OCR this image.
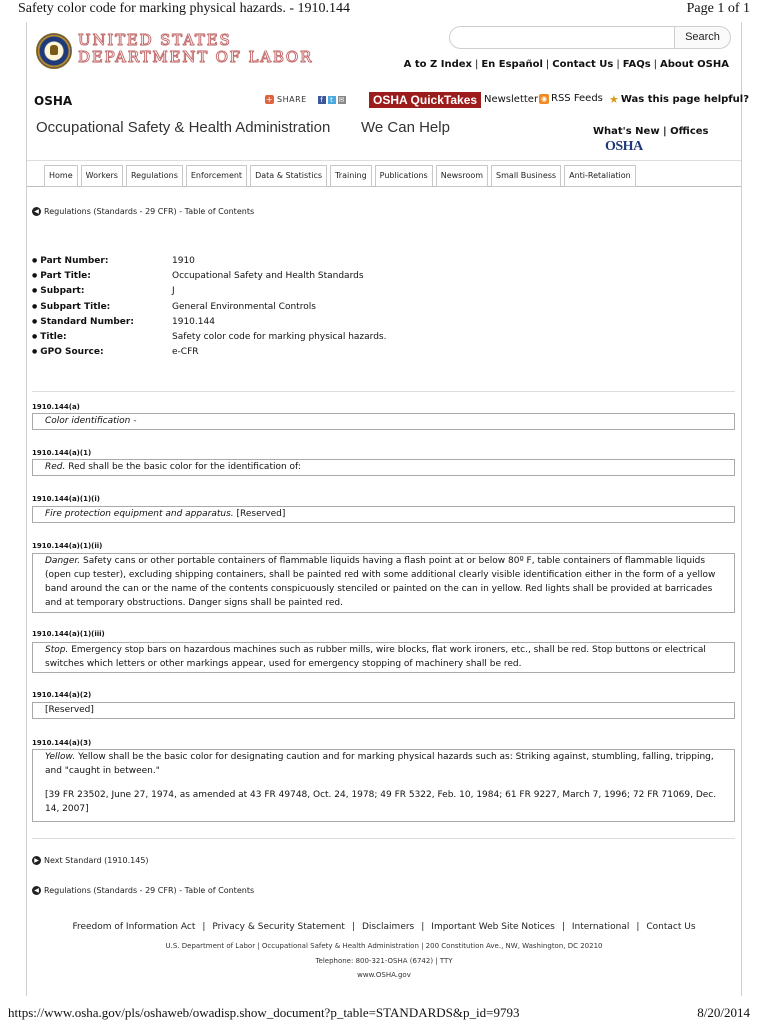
Safety color code for marking physical hazards. - 1910.144	Page 1 of 1
UNITED STATES
DEPARTMENT OF LABOR
Search
A to Z Index | En Español | Contact Us | FAQs | About OSHA
OSHA	+ SHARE	f t ✉	OSHA QuickTakes Newsletter ◉ RSS Feeds ★ Was this page helpful?
Occupational Safety & Health Administration We Can Help	What's New | Offices
OSHA
Home	Workers	Regulations	Enforcement	Data & Statistics	Training	Publications	Newsroom	Small Business	Anti-Retaliation
◀ Regulations (Standards - 29 CFR) - Table of Contents
● Part Number:	1910
● Part Title:	Occupational Safety and Health Standards
● Subpart:	J
● Subpart Title:	General Environmental Controls
● Standard Number:	1910.144
● Title:	Safety color code for marking physical hazards.
● GPO Source:	e-CFR
1910.144(a)
Color identification -
1910.144(a)(1)
Red. Red shall be the basic color for the identification of:
1910.144(a)(1)(i)
Fire protection equipment and apparatus. [Reserved]
1910.144(a)(1)(ii)
Danger. Safety cans or other portable containers of flammable liquids having a flash point at or below 80º F, table containers of flammable liquids (open cup tester), excluding shipping containers, shall be painted red with some additional clearly visible identification either in the form of a yellow band around the can or the name of the contents conspicuously stenciled or painted on the can in yellow. Red lights shall be provided at barricades and at temporary obstructions. Danger signs shall be painted red.
1910.144(a)(1)(iii)
Stop. Emergency stop bars on hazardous machines such as rubber mills, wire blocks, flat work ironers, etc., shall be red. Stop buttons or electrical switches which letters or other markings appear, used for emergency stopping of machinery shall be red.
1910.144(a)(2)
[Reserved]
1910.144(a)(3)
Yellow. Yellow shall be the basic color for designating caution and for marking physical hazards such as: Striking against, stumbling, falling, tripping, and "caught in between."
[39 FR 23502, June 27, 1974, as amended at 43 FR 49748, Oct. 24, 1978; 49 FR 5322, Feb. 10, 1984; 61 FR 9227, March 7, 1996; 72 FR 71069, Dec. 14, 2007]
▶ Next Standard (1910.145)
◀ Regulations (Standards - 29 CFR) - Table of Contents
Freedom of Information Act | Privacy & Security Statement | Disclaimers | Important Web Site Notices | International | Contact Us
U.S. Department of Labor | Occupational Safety & Health Administration | 200 Constitution Ave., NW, Washington, DC 20210
Telephone: 800-321-OSHA (6742) | TTY
www.OSHA.gov
https://www.osha.gov/pls/oshaweb/owadisp.show_document?p_table=STANDARDS&p_id=9793	8/20/2014
